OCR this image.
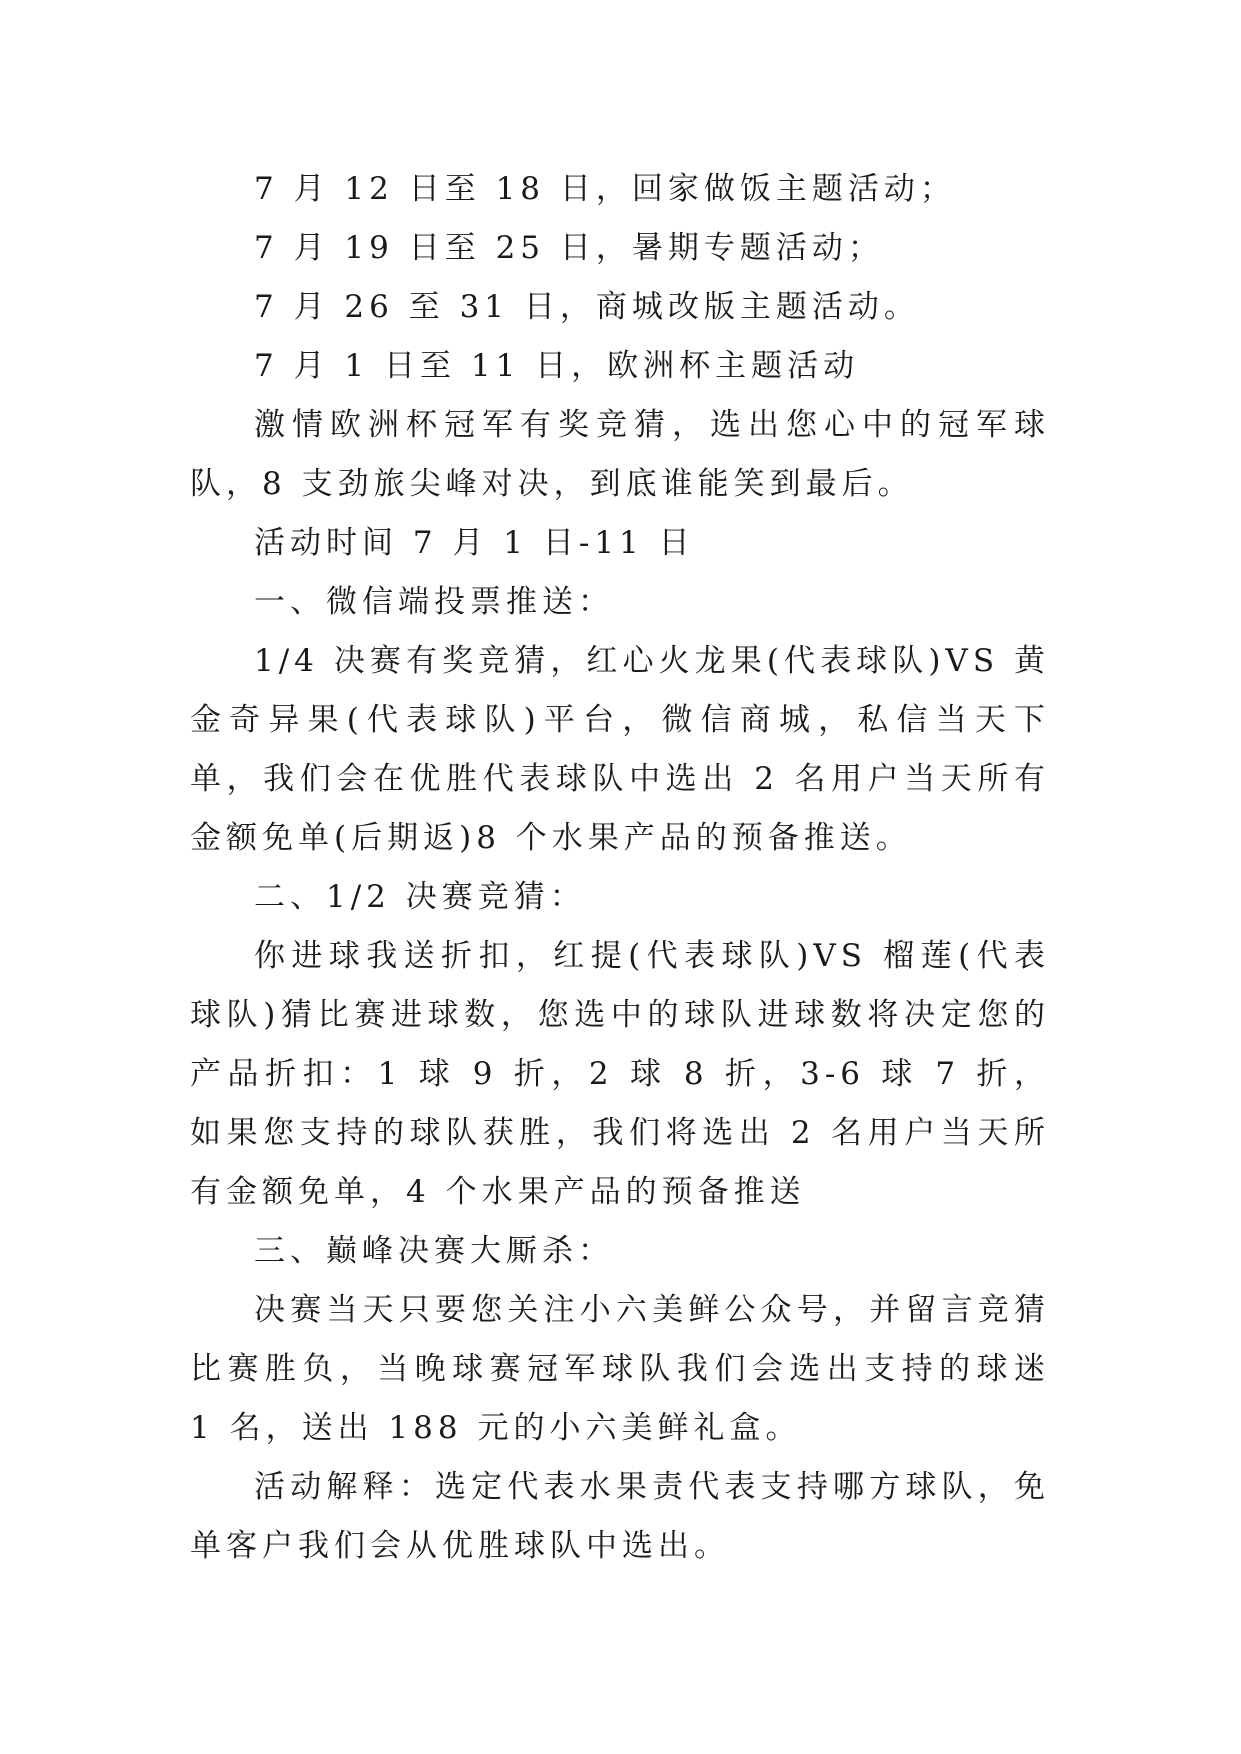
7 月 12 日至 18 日，回家做饭主题活动；

7 月 19 日至 25 日，暑期专题活动；

7 月 26 至 31 日，商城改版主题活动。

7 月 1 日至 11 日，欧洲杯主题活动

激情欧洲杯冠军有奖竞猜，选出您心中的冠军球队，8 支劲旅尖峰对决，到底谁能笑到最后。

活动时间 7 月 1 日-11 日

一、微信端投票推送：

1/4 决赛有奖竞猜，红心火龙果(代表球队)VS 黄金奇异果(代表球队)平台，微信商城，私信当天下单，我们会在优胜代表球队中选出 2 名用户当天所有金额免单(后期返)8 个水果产品的预备推送。

二、1/2 决赛竞猜：

你进球我送折扣，红提(代表球队)VS 榴莲(代表球队)猜比赛进球数，您选中的球队进球数将决定您的产品折扣：1 球 9 折，2 球 8 折，3-6 球 7 折，如果您支持的球队获胜，我们将选出 2 名用户当天所有金额免单，4 个水果产品的预备推送

三、巅峰决赛大厮杀：

决赛当天只要您关注小六美鲜公众号，并留言竞猜比赛胜负，当晚球赛冠军球队我们会选出支持的球迷 1 名，送出 188 元的小六美鲜礼盒。

活动解释：选定代表水果责代表支持哪方球队，免单客户我们会从优胜球队中选出。
